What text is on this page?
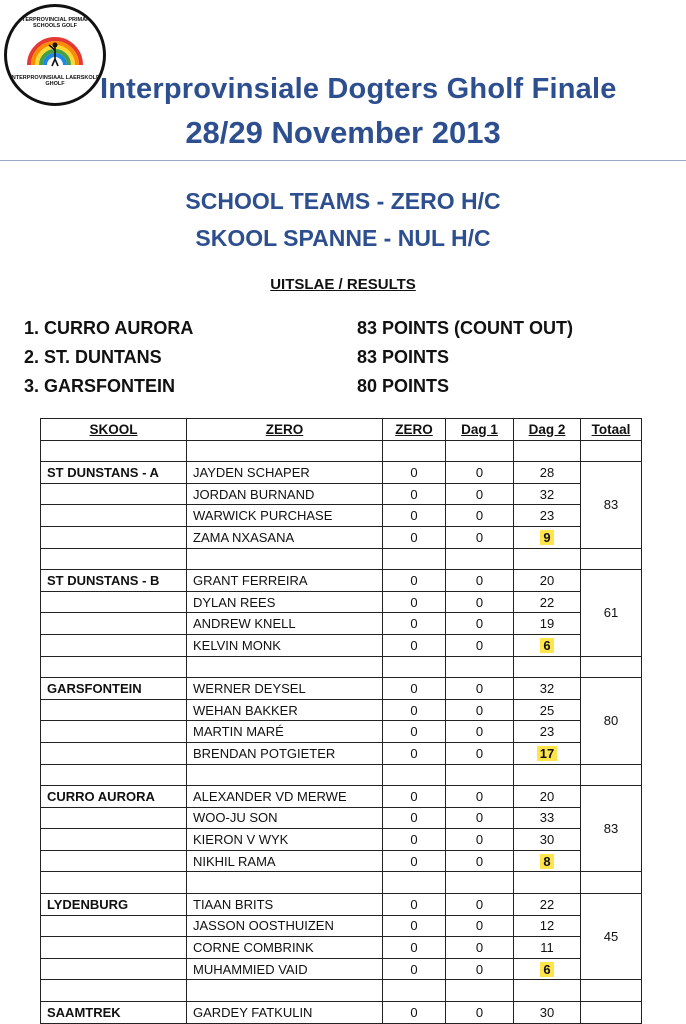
INTERPROVINCIAL PRIMARY SCHOOLS GOLF
INTERPROVINSIAAL LAERSKOLE GHOLF	Interprovinsiale Dogters Gholf Finale
28/29 November 2013
SCHOOL TEAMS - ZERO H/C
SKOOL SPANNE - NUL H/C
UITSLAE / RESULTS
1. CURRO AURORA	83 POINTS (COUNT OUT)
2. ST. DUNTANS	83 POINTS
3. GARSFONTEIN	80 POINTS
SKOOL	ZERO	ZERO	Dag 1	Dag 2	Totaal

ST DUNSTANS - A	JAYDEN SCHAPER	0	0	28	83
	JORDAN BURNAND	0	0	32	
	WARWICK PURCHASE	0	0	23	
	ZAMA NXASANA	0	0	9	

ST DUNSTANS - B	GRANT FERREIRA	0	0	20	61
	DYLAN REES	0	0	22	
	ANDREW KNELL	0	0	19	
	KELVIN MONK	0	0	6	

GARSFONTEIN	WERNER DEYSEL	0	0	32	80
	WEHAN BAKKER	0	0	25	
	MARTIN MARÉ	0	0	23	
	BRENDAN POTGIETER	0	0	17	

CURRO AURORA	ALEXANDER VD MERWE	0	0	20	83
	WOO-JU SON	0	0	33	
	KIERON V WYK	0	0	30	
	NIKHIL RAMA	0	0	8	

LYDENBURG	TIAAN BRITS	0	0	22	45
	JASSON OOSTHUIZEN	0	0	12	
	CORNE COMBRINK	0	0	11	
	MUHAMMIED VAID	0	0	6	

SAAMTREK	GARDEY FATKULIN	0	0	30	
